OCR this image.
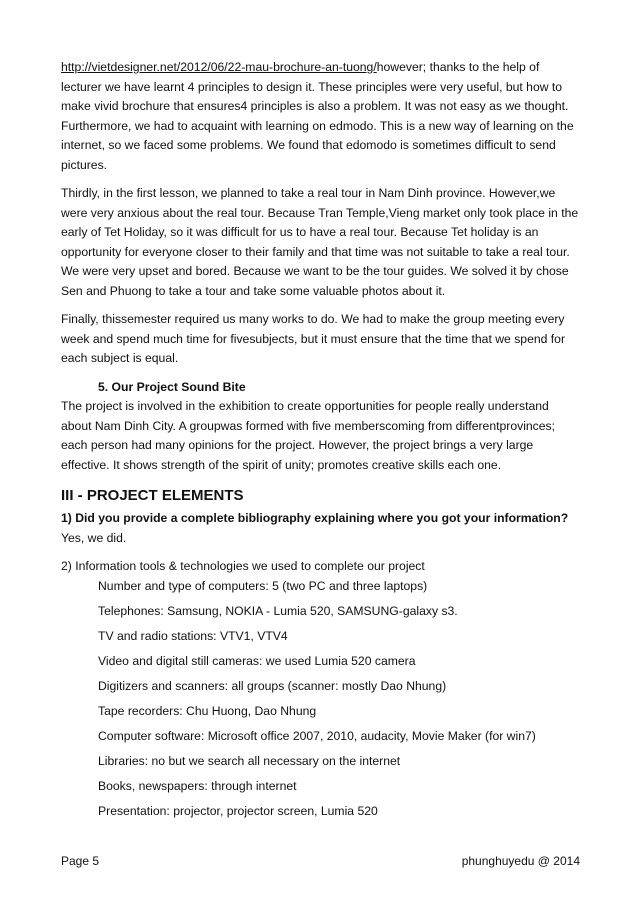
http://vietdesigner.net/2012/06/22-mau-brochure-an-tuong/however; thanks to the help of lecturer we have learnt 4 principles to design it. These principles were very useful, but how to make vivid brochure that ensures4 principles is also a problem. It was not easy as we thought. Furthermore, we had to acquaint with learning on edmodo. This is a new way of learning on the internet, so we faced some problems. We found that edomodo is sometimes difficult to send pictures.

Thirdly, in the first lesson, we planned to take a real tour in Nam Dinh province. However,we were very anxious about the real tour. Because Tran Temple,Vieng market only took place in the early of Tet Holiday, so it was difficult for us to have a real tour. Because Tet holiday is an opportunity for everyone closer to their family and that time was not suitable to take a real tour. We were very upset and bored. Because we want to be the tour guides. We solved it by chose Sen and Phuong to take a tour and take some valuable photos about it.

Finally, thissemester required us many works to do. We had to make the group meeting every week and spend much time for fivesubjects, but it must ensure that the time that we spend for each subject is equal.

5. Our Project Sound Bite

The project is involved in the exhibition to create opportunities for people really understand about Nam Dinh City. A groupwas formed with five memberscoming from differentprovinces; each person had many opinions for the project. However, the project brings a very large effective. It shows strength of the spirit of unity; promotes creative skills each one.

III - PROJECT ELEMENTS
1) Did you provide a complete bibliography explaining where you got your information?

Yes, we did.

2) Information tools & technologies we used to complete our project
Number and type of computers: 5 (two PC and three laptops)
Telephones: Samsung, NOKIA - Lumia 520, SAMSUNG-galaxy s3.
TV and radio stations: VTV1, VTV4
Video and digital still cameras: we used Lumia 520 camera
Digitizers and scanners: all groups (scanner: mostly Dao Nhung)
Tape recorders: Chu Huong, Dao Nhung
Computer software: Microsoft office 2007, 2010, audacity, Movie Maker (for win7)
Libraries: no but we search all necessary on the internet
Books, newspapers: through internet
Presentation: projector, projector screen, Lumia 520
Page 5	phunghuyedu @ 2014
